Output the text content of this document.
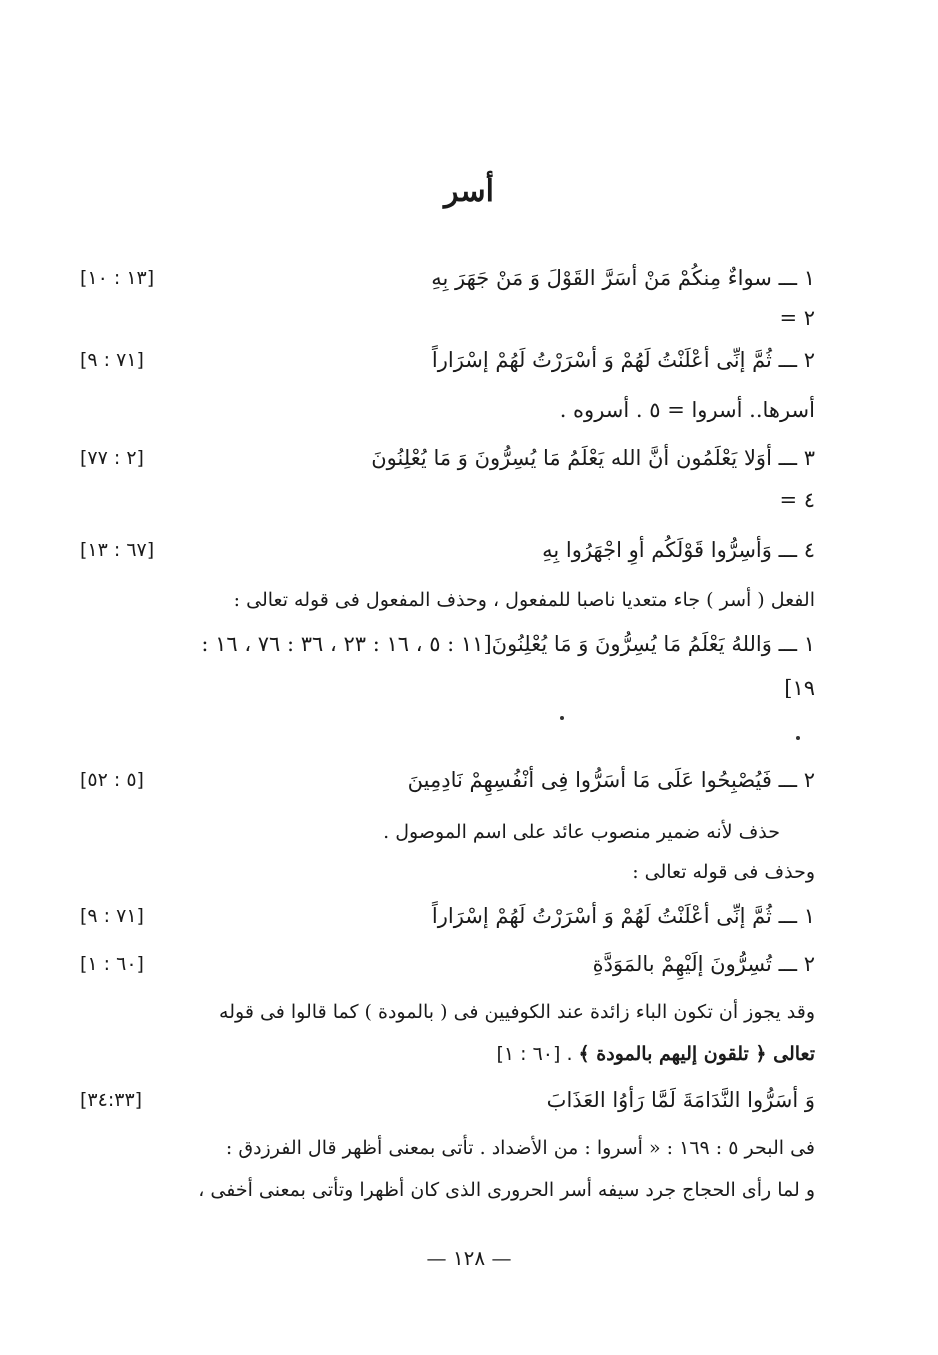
أسر
١ ـــ سواءٌ مِنكُمْ مَنْ أسَرَّ القَوْلَ وَ مَنْ جَهَرَ بِهِ
[١٣ : ١٠]
٢ =
٢ ـــ ثُمَّ إنِّى أعْلَنْتُ لَهُمْ وَ أسْرَرْتُ لَهُمْ إسْرَاراً
[٧١ : ٩]
أسرها.. أسروا = ٥ . أسروه .
٣ ـــ أوَلا يَعْلَمُون أنَّ الله يَعْلَمُ مَا يُسِرُّونَ وَ مَا يُعْلِنُونَ
[٢ : ٧٧]
٤ =
٤ ـــ وَأسِرُّوا قَوْلَكُم أوِ اجْهَرُوا بِهِ
[٦٧ : ١٣]
الفعل ( أسر ) جاء متعديا ناصبا للمفعول ، وحذف المفعول فى قوله تعالى :
١ ـــ وَاللهُ يَعْلَمُ مَا يُسِرُّونَ وَ مَا يُعْلِنُونَ[١١ : ٥ ، ١٦ : ٢٣ ، ٣٦ : ٧٦ ، ١٦ :
١٩]
٢ ـــ فَيُصْبِحُوا عَلَى مَا أسَرُّوا فِى أنْفُسِهِمْ نَادِمِينَ
[٥ : ٥٢]
حذف لأنه ضمير منصوب عائد على اسم الموصول .
وحذف فى قوله تعالى :
١ ـــ ثُمَّ إنِّى أعْلَنْتُ لَهُمْ وَ أسْرَرْتُ لَهُمْ إسْرَاراً
[٧١ : ٩]
٢ ـــ تُسِرُّونَ إلَيْهِمْ بالمَوَدَّةِ
[٦٠ : ١]
وقد يجوز أن تكون الباء زائدة عند الكوفيين فى ( بالمودة ) كما قالوا فى قوله
تعالى ﴿ تلقون إليهم بالمودة ﴾ [٦٠ : ١] .
وَ أسَرُّوا النَّدَامَةَ لَمَّا رَأوُا العَذَابَ
[٣٤:٣٣]
فى البحر ٥ : ١٦٩ : « أسروا : من الأضداد . تأتى بمعنى أظهر قال الفرزدق :
و لما رأى الحجاج جرد سيفه أسر الحرورى الذى كان أظهرا وتأتى بمعنى أخفى ،
— ١٢٨ —
